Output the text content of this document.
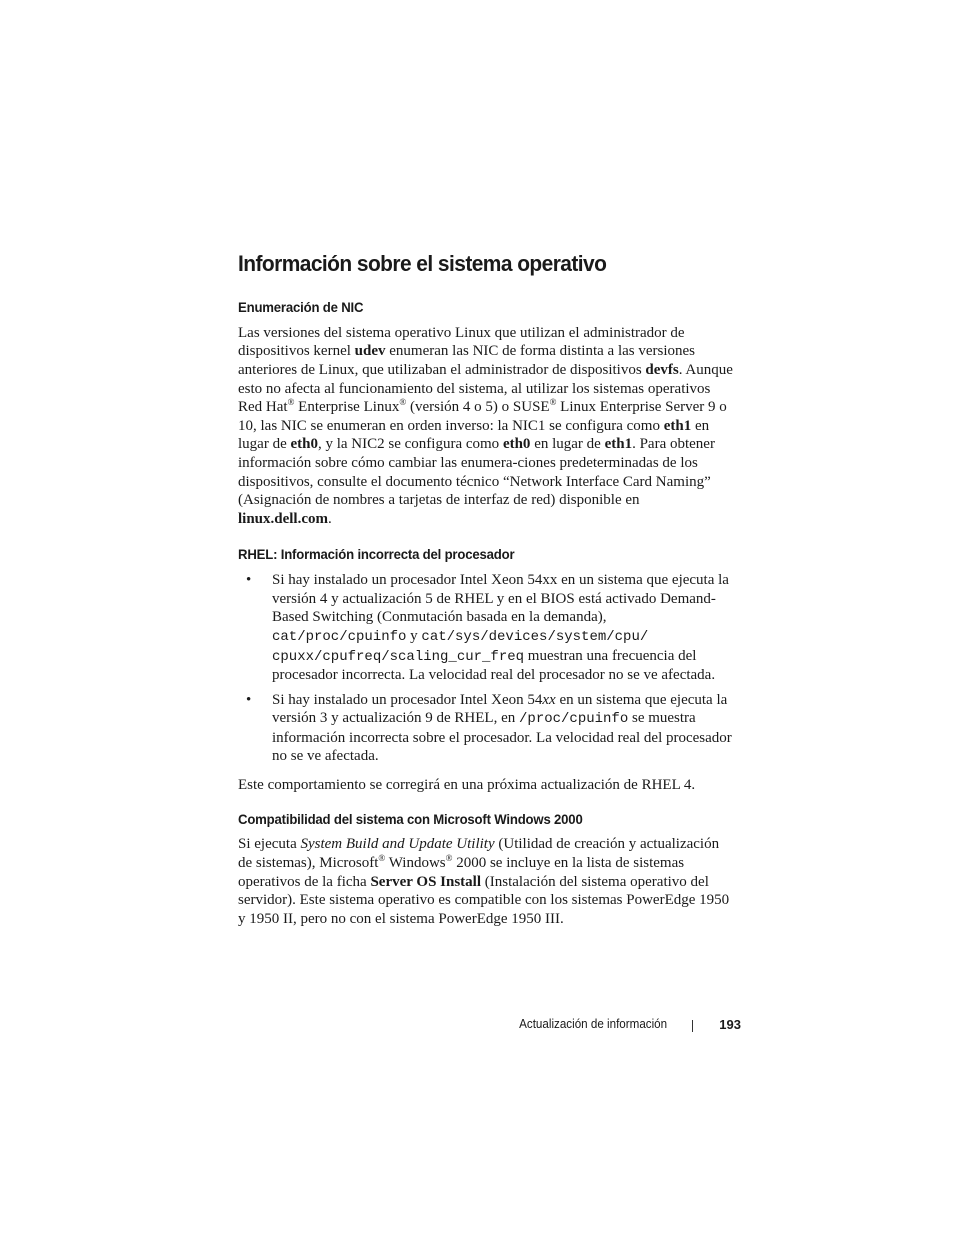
Información sobre el sistema operativo
Enumeración de NIC

Las versiones del sistema operativo Linux que utilizan el administrador de dispositivos kernel udev enumeran las NIC de forma distinta a las versiones anteriores de Linux, que utilizaban el administrador de dispositivos devfs. Aunque esto no afecta al funcionamiento del sistema, al utilizar los sistemas operativos Red Hat® Enterprise Linux® (versión 4 o 5) o SUSE® Linux Enterprise Server 9 o 10, las NIC se enumeran en orden inverso: la NIC1 se configura como eth1 en lugar de eth0, y la NIC2 se configura como eth0 en lugar de eth1. Para obtener información sobre cómo cambiar las enumera-ciones predeterminadas de los dispositivos, consulte el documento técnico “Network Interface Card Naming” (Asignación de nombres a tarjetas de interfaz de red) disponible en linux.dell.com.

RHEL: Información incorrecta del procesador
• Si hay instalado un procesador Intel Xeon 54xx en un sistema que ejecuta la versión 4 y actualización 5 de RHEL y en el BIOS está activado Demand-Based Switching (Conmutación basada en la demanda), cat/proc/cpuinfo y cat/sys/devices/system/cpu/ cpuxx/cpufreq/scaling_cur_freq muestran una frecuencia del procesador incorrecta. La velocidad real del procesador no se ve afectada.
• Si hay instalado un procesador Intel Xeon 54xx en un sistema que ejecuta la versión 3 y actualización 9 de RHEL, en /proc/cpuinfo se muestra información incorrecta sobre el procesador. La velocidad real del procesador no se ve afectada.

Este comportamiento se corregirá en una próxima actualización de RHEL 4.

Compatibilidad del sistema con Microsoft Windows 2000

Si ejecuta System Build and Update Utility (Utilidad de creación y actualización de sistemas), Microsoft® Windows® 2000 se incluye en la lista de sistemas operativos de la ficha Server OS Install (Instalación del sistema operativo del servidor). Este sistema operativo es compatible con los sistemas PowerEdge 1950 y 1950 II, pero no con el sistema PowerEdge 1950 III.

Actualización de información	193
